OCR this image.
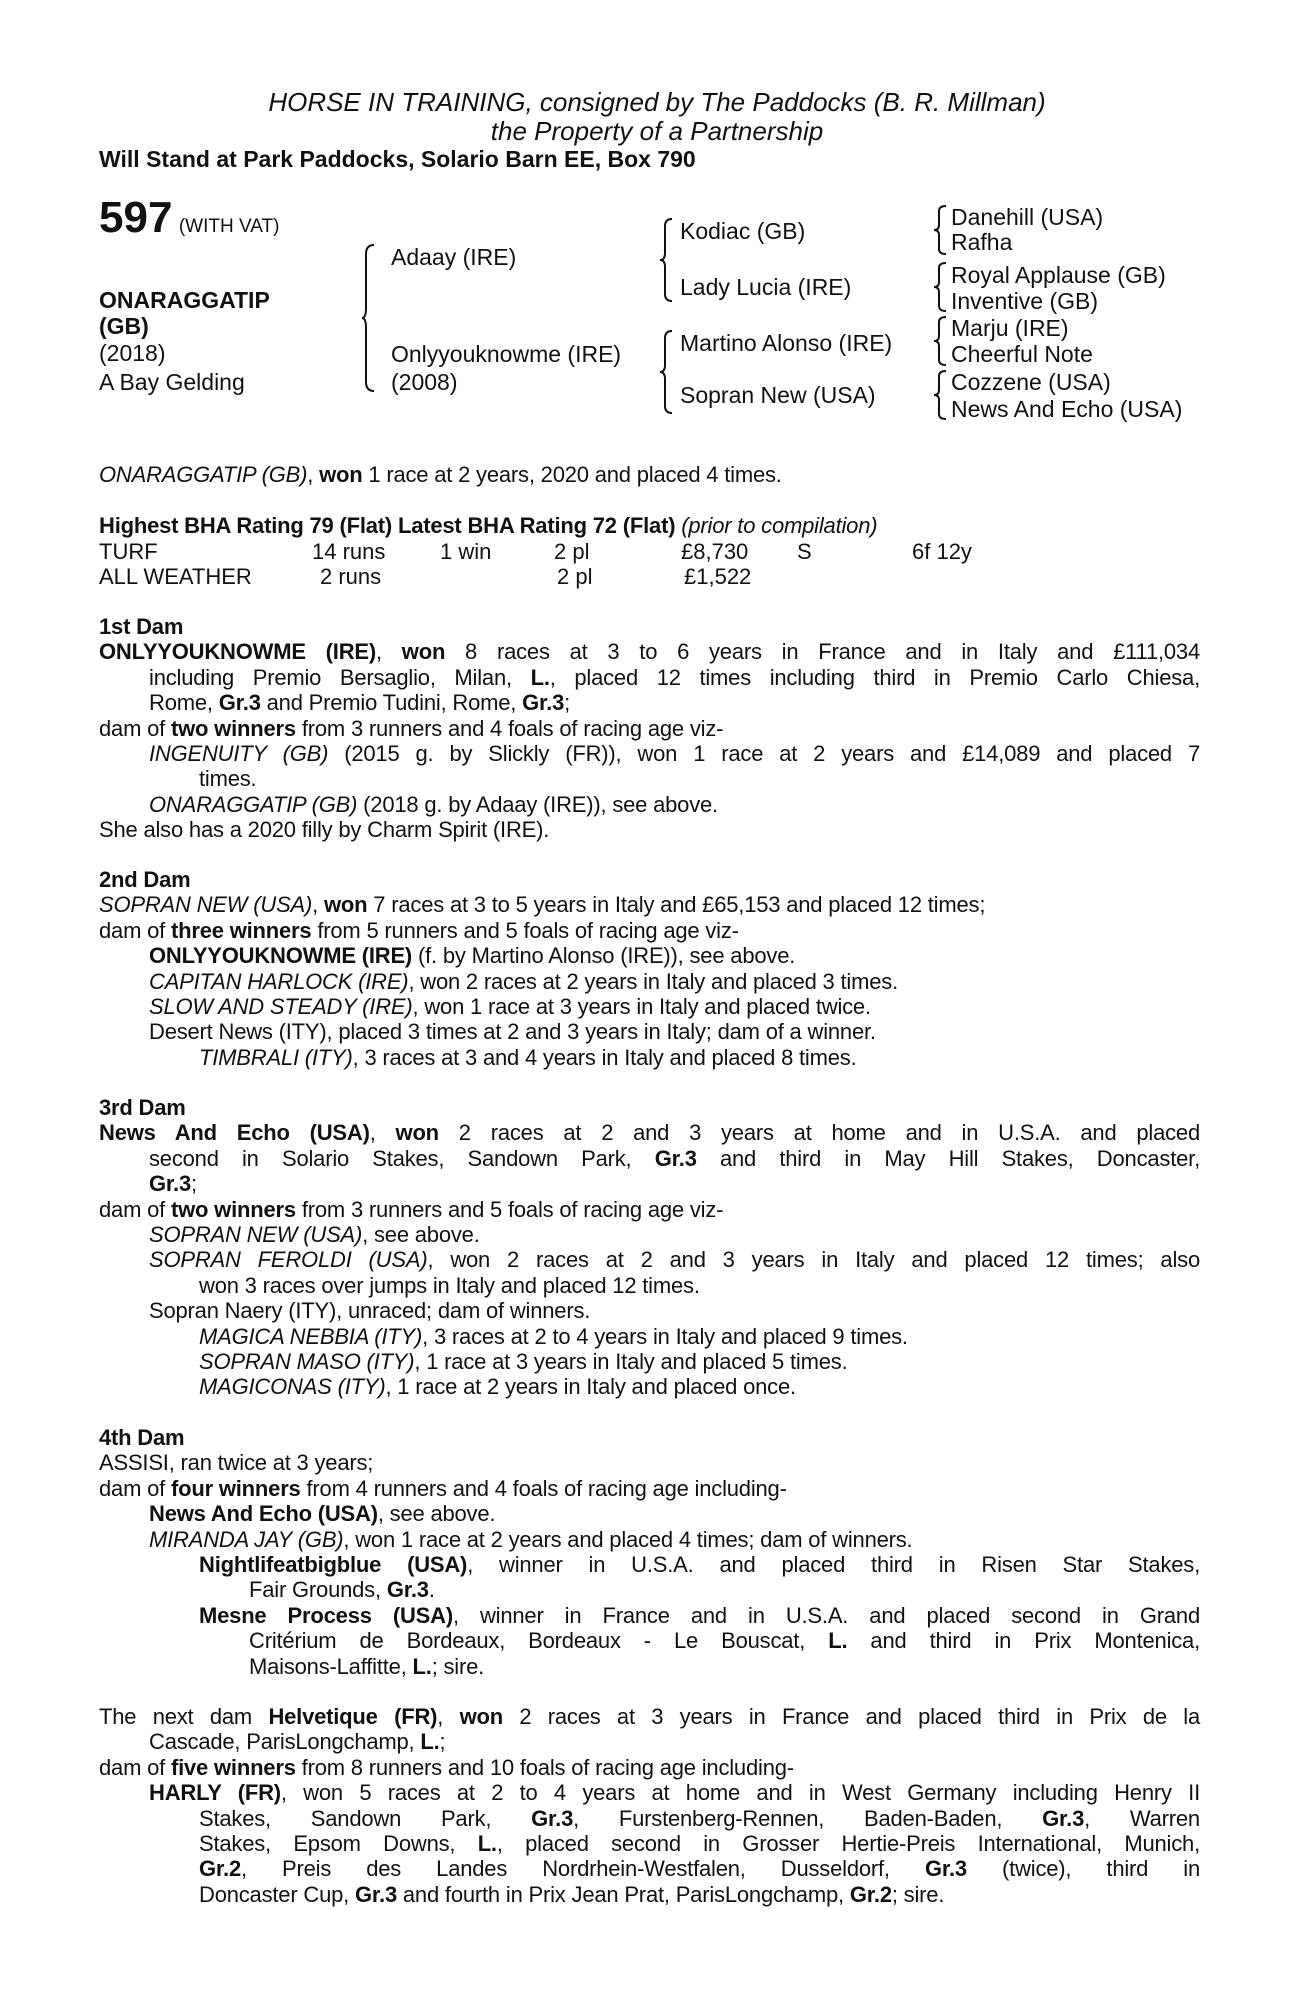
HORSE IN TRAINING, consigned by The Paddocks (B. R. Millman)
the Property of a Partnership
Will Stand at Park Paddocks, Solario Barn EE, Box 790
597 (WITH VAT)
ONARAGGATIP
(GB)
(2018)
A Bay Gelding
Adaay (IRE)
Onlyyouknowme (IRE)
(2008)
Kodiac (GB)
Lady Lucia (IRE)
Martino Alonso (IRE)
Sopran New (USA)
Danehill (USA)
Rafha
Royal Applause (GB)
Inventive (GB)
Marju (IRE)
Cheerful Note
Cozzene (USA)
News And Echo (USA)
ONARAGGATIP (GB), won 1 race at 2 years, 2020 and placed 4 times.
Highest BHA Rating 79 (Flat) Latest BHA Rating 72 (Flat) (prior to compilation)
TURF	14 runs 1 win	2 pl	£8,730 S	6f 12y
ALL WEATHER	2 runs	2 pl	£1,522
1st Dam
ONLYYOUKNOWME (IRE), won 8 races at 3 to 6 years in France and in Italy and £111,034
including Premio Bersaglio, Milan, L., placed 12 times including third in Premio Carlo Chiesa,
Rome, Gr.3 and Premio Tudini, Rome, Gr.3;
dam of two winners from 3 runners and 4 foals of racing age viz-
INGENUITY (GB) (2015 g. by Slickly (FR)), won 1 race at 2 years and £14,089 and placed 7
times.
ONARAGGATIP (GB) (2018 g. by Adaay (IRE)), see above.
She also has a 2020 filly by Charm Spirit (IRE).
2nd Dam
SOPRAN NEW (USA), won 7 races at 3 to 5 years in Italy and £65,153 and placed 12 times;
dam of three winners from 5 runners and 5 foals of racing age viz-
ONLYYOUKNOWME (IRE) (f. by Martino Alonso (IRE)), see above.
CAPITAN HARLOCK (IRE), won 2 races at 2 years in Italy and placed 3 times.
SLOW AND STEADY (IRE), won 1 race at 3 years in Italy and placed twice.
Desert News (ITY), placed 3 times at 2 and 3 years in Italy; dam of a winner.
TIMBRALI (ITY), 3 races at 3 and 4 years in Italy and placed 8 times.
3rd Dam
News And Echo (USA), won 2 races at 2 and 3 years at home and in U.S.A. and placed
second in Solario Stakes, Sandown Park, Gr.3 and third in May Hill Stakes, Doncaster,
Gr.3;
dam of two winners from 3 runners and 5 foals of racing age viz-
SOPRAN NEW (USA), see above.
SOPRAN FEROLDI (USA), won 2 races at 2 and 3 years in Italy and placed 12 times; also
won 3 races over jumps in Italy and placed 12 times.
Sopran Naery (ITY), unraced; dam of winners.
MAGICA NEBBIA (ITY), 3 races at 2 to 4 years in Italy and placed 9 times.
SOPRAN MASO (ITY), 1 race at 3 years in Italy and placed 5 times.
MAGICONAS (ITY), 1 race at 2 years in Italy and placed once.
4th Dam
ASSISI, ran twice at 3 years;
dam of four winners from 4 runners and 4 foals of racing age including-
News And Echo (USA), see above.
MIRANDA JAY (GB), won 1 race at 2 years and placed 4 times; dam of winners.
Nightlifeatbigblue (USA), winner in U.S.A. and placed third in Risen Star Stakes,
Fair Grounds, Gr.3.
Mesne Process (USA), winner in France and in U.S.A. and placed second in Grand
Critérium de Bordeaux, Bordeaux - Le Bouscat, L. and third in Prix Montenica,
Maisons-Laffitte, L.; sire.
The next dam Helvetique (FR), won 2 races at 3 years in France and placed third in Prix de la
Cascade, ParisLongchamp, L.;
dam of five winners from 8 runners and 10 foals of racing age including-
HARLY (FR), won 5 races at 2 to 4 years at home and in West Germany including Henry II
Stakes, Sandown Park, Gr.3, Furstenberg-Rennen, Baden-Baden, Gr.3, Warren
Stakes, Epsom Downs, L., placed second in Grosser Hertie-Preis International, Munich,
Gr.2, Preis des Landes Nordrhein-Westfalen, Dusseldorf, Gr.3 (twice), third in
Doncaster Cup, Gr.3 and fourth in Prix Jean Prat, ParisLongchamp, Gr.2; sire.
